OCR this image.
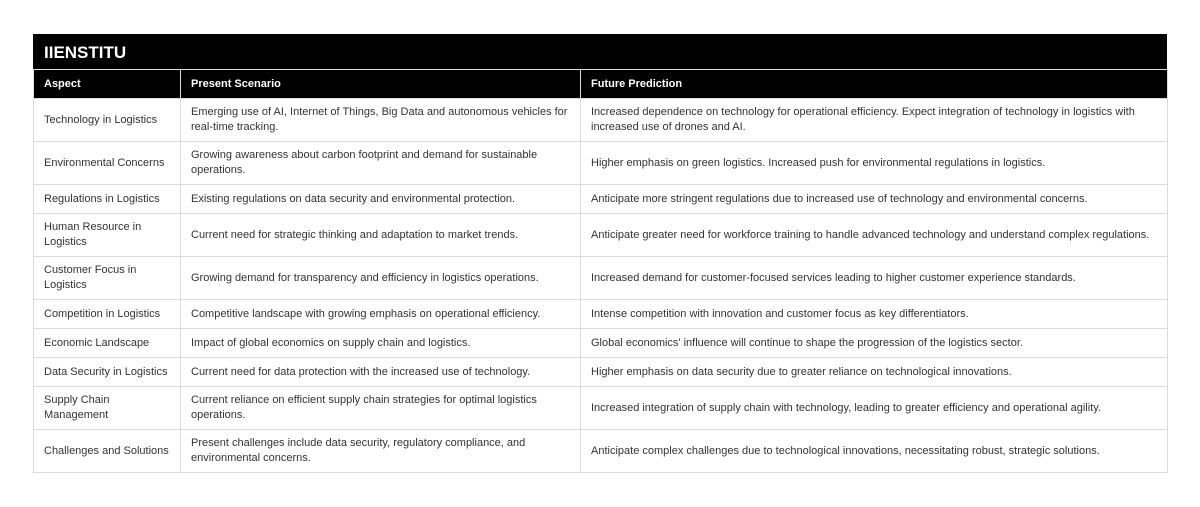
IIENSTITU
Aspect	Present Scenario	Future Prediction
Technology in Logistics	Emerging use of AI, Internet of Things, Big Data and autonomous vehicles for real-time tracking.	Increased dependence on technology for operational efficiency. Expect integration of technology in logistics with increased use of drones and AI.
Environmental Concerns	Growing awareness about carbon footprint and demand for sustainable operations.	Higher emphasis on green logistics. Increased push for environmental regulations in logistics.
Regulations in Logistics	Existing regulations on data security and environmental protection.	Anticipate more stringent regulations due to increased use of technology and environmental concerns.
Human Resource in Logistics	Current need for strategic thinking and adaptation to market trends.	Anticipate greater need for workforce training to handle advanced technology and understand complex regulations.
Customer Focus in Logistics	Growing demand for transparency and efficiency in logistics operations.	Increased demand for customer-focused services leading to higher customer experience standards.
Competition in Logistics	Competitive landscape with growing emphasis on operational efficiency.	Intense competition with innovation and customer focus as key differentiators.
Economic Landscape	Impact of global economics on supply chain and logistics.	Global economics' influence will continue to shape the progression of the logistics sector.
Data Security in Logistics	Current need for data protection with the increased use of technology.	Higher emphasis on data security due to greater reliance on technological innovations.
Supply Chain Management	Current reliance on efficient supply chain strategies for optimal logistics operations.	Increased integration of supply chain with technology, leading to greater efficiency and operational agility.
Challenges and Solutions	Present challenges include data security, regulatory compliance, and environmental concerns.	Anticipate complex challenges due to technological innovations, necessitating robust, strategic solutions.
